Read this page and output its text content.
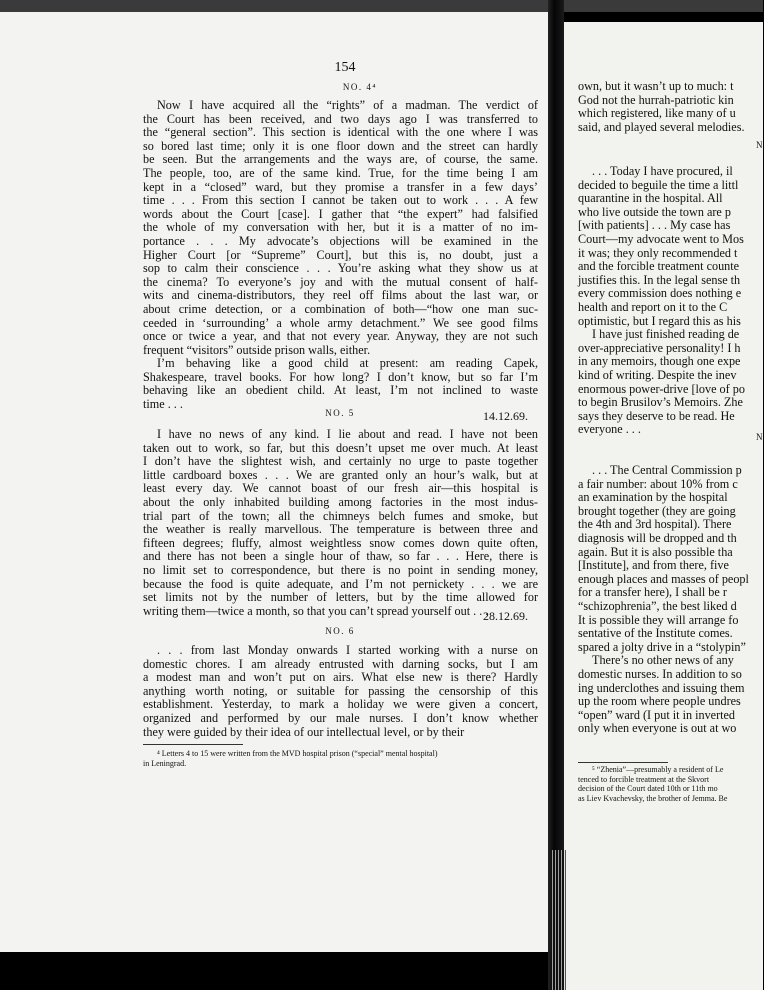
154
NO. 4⁴
Now I have acquired all the “rights” of a madman. The verdict of
the Court has been received, and two days ago I was transferred to
the “general section”. This section is identical with the one where I was
so bored last time; only it is one floor down and the street can hardly
be seen. But the arrangements and the ways are, of course, the same.
The people, too, are of the same kind. True, for the time being I am
kept in a “closed” ward, but they promise a transfer in a few days’
time . . . From this section I cannot be taken out to work . . . A few
words about the Court [case]. I gather that “the expert” had falsified
the whole of my conversation with her, but it is a matter of no im-
portance . . . My advocate’s objections will be examined in the
Higher Court [or “Supreme” Court], but this is, no doubt, just a
sop to calm their conscience . . . You’re asking what they show us at
the cinema? To everyone’s joy and with the mutual consent of half-
wits and cinema-distributors, they reel off films about the last war, or
about crime detection, or a combination of both—“how one man suc-
ceeded in ‘surrounding’ a whole army detachment.” We see good films
once or twice a year, and that not every year. Anyway, they are not such
frequent “visitors” outside prison walls, either.
I’m behaving like a good child at present: am reading Capek,
Shakespeare, travel books. For how long? I don’t know, but so far I’m
behaving like an obedient child. At least, I’m not inclined to waste
time . . .
14.12.69.
NO. 5
I have no news of any kind. I lie about and read. I have not been
taken out to work, so far, but this doesn’t upset me over much. At least
I don’t have the slightest wish, and certainly no urge to paste together
little cardboard boxes . . . We are granted only an hour’s walk, but at
least every day. We cannot boast of our fresh air—this hospital is
about the only inhabited building among factories in the most indus-
trial part of the town; all the chimneys belch fumes and smoke, but
the weather is really marvellous. The temperature is between three and
fifteen degrees; fluffy, almost weightless snow comes down quite often,
and there has not been a single hour of thaw, so far . . . Here, there is
no limit set to correspondence, but there is no point in sending money,
because the food is quite adequate, and I’m not pernickety . . . we are
set limits not by the number of letters, but by the time allowed for
writing them—twice a month, so that you can’t spread yourself out . . .
28.12.69.
NO. 6
. . . from last Monday onwards I started working with a nurse on
domestic chores. I am already entrusted with darning socks, but I am
a modest man and won’t put on airs. What else new is there? Hardly
anything worth noting, or suitable for passing the censorship of this
establishment. Yesterday, to mark a holiday we were given a concert,
organized and performed by our male nurses. I don’t know whether
they were guided by their idea of our intellectual level, or by their
⁴ Letters 4 to 15 were written from the MVD hospital prison (“special” mental hospital)
in Leningrad.
own, but it wasn’t up to much: t
God not the hurrah-patriotic kin
which registered, like many of u
said, and played several melodies.
N
. . . Today I have procured, il
decided to beguile the time a littl
quarantine in the hospital. All
who live outside the town are p
[with patients] . . . My case has
Court—my advocate went to Mos
it was; they only recommended t
and the forcible treatment counte
justifies this. In the legal sense th
every commission does nothing e
health and report on it to the C
optimistic, but I regard this as his
I have just finished reading de
over-appreciative personality! I h
in any memoirs, though one expe
kind of writing. Despite the inev
enormous power-drive [love of po
to begin Brusilov’s Memoirs. Zhe
says they deserve to be read. He
everyone . . .
N
. . . The Central Commission p
a fair number: about 10% from c
an examination by the hospital
brought together (they are going
the 4th and 3rd hospital). There
diagnosis will be dropped and th
again. But it is also possible tha
[Institute], and from there, five
enough places and masses of peopl
for a transfer here), I shall be r
“schizophrenia”, the best liked d
It is possible they will arrange fo
sentative of the Institute comes.
spared a jolty drive in a “stolypin”
There’s no other news of any
domestic nurses. In addition to so
ing underclothes and issuing them
up the room where people undres
“open” ward (I put it in inverted
only when everyone is out at wo
⁵ “Zhenia”—presumably a resident of Le
tenced to forcible treatment at the Skvort
decision of the Court dated 10th or 11th mo
as Liev Kvachevsky, the brother of Jemma. Be
